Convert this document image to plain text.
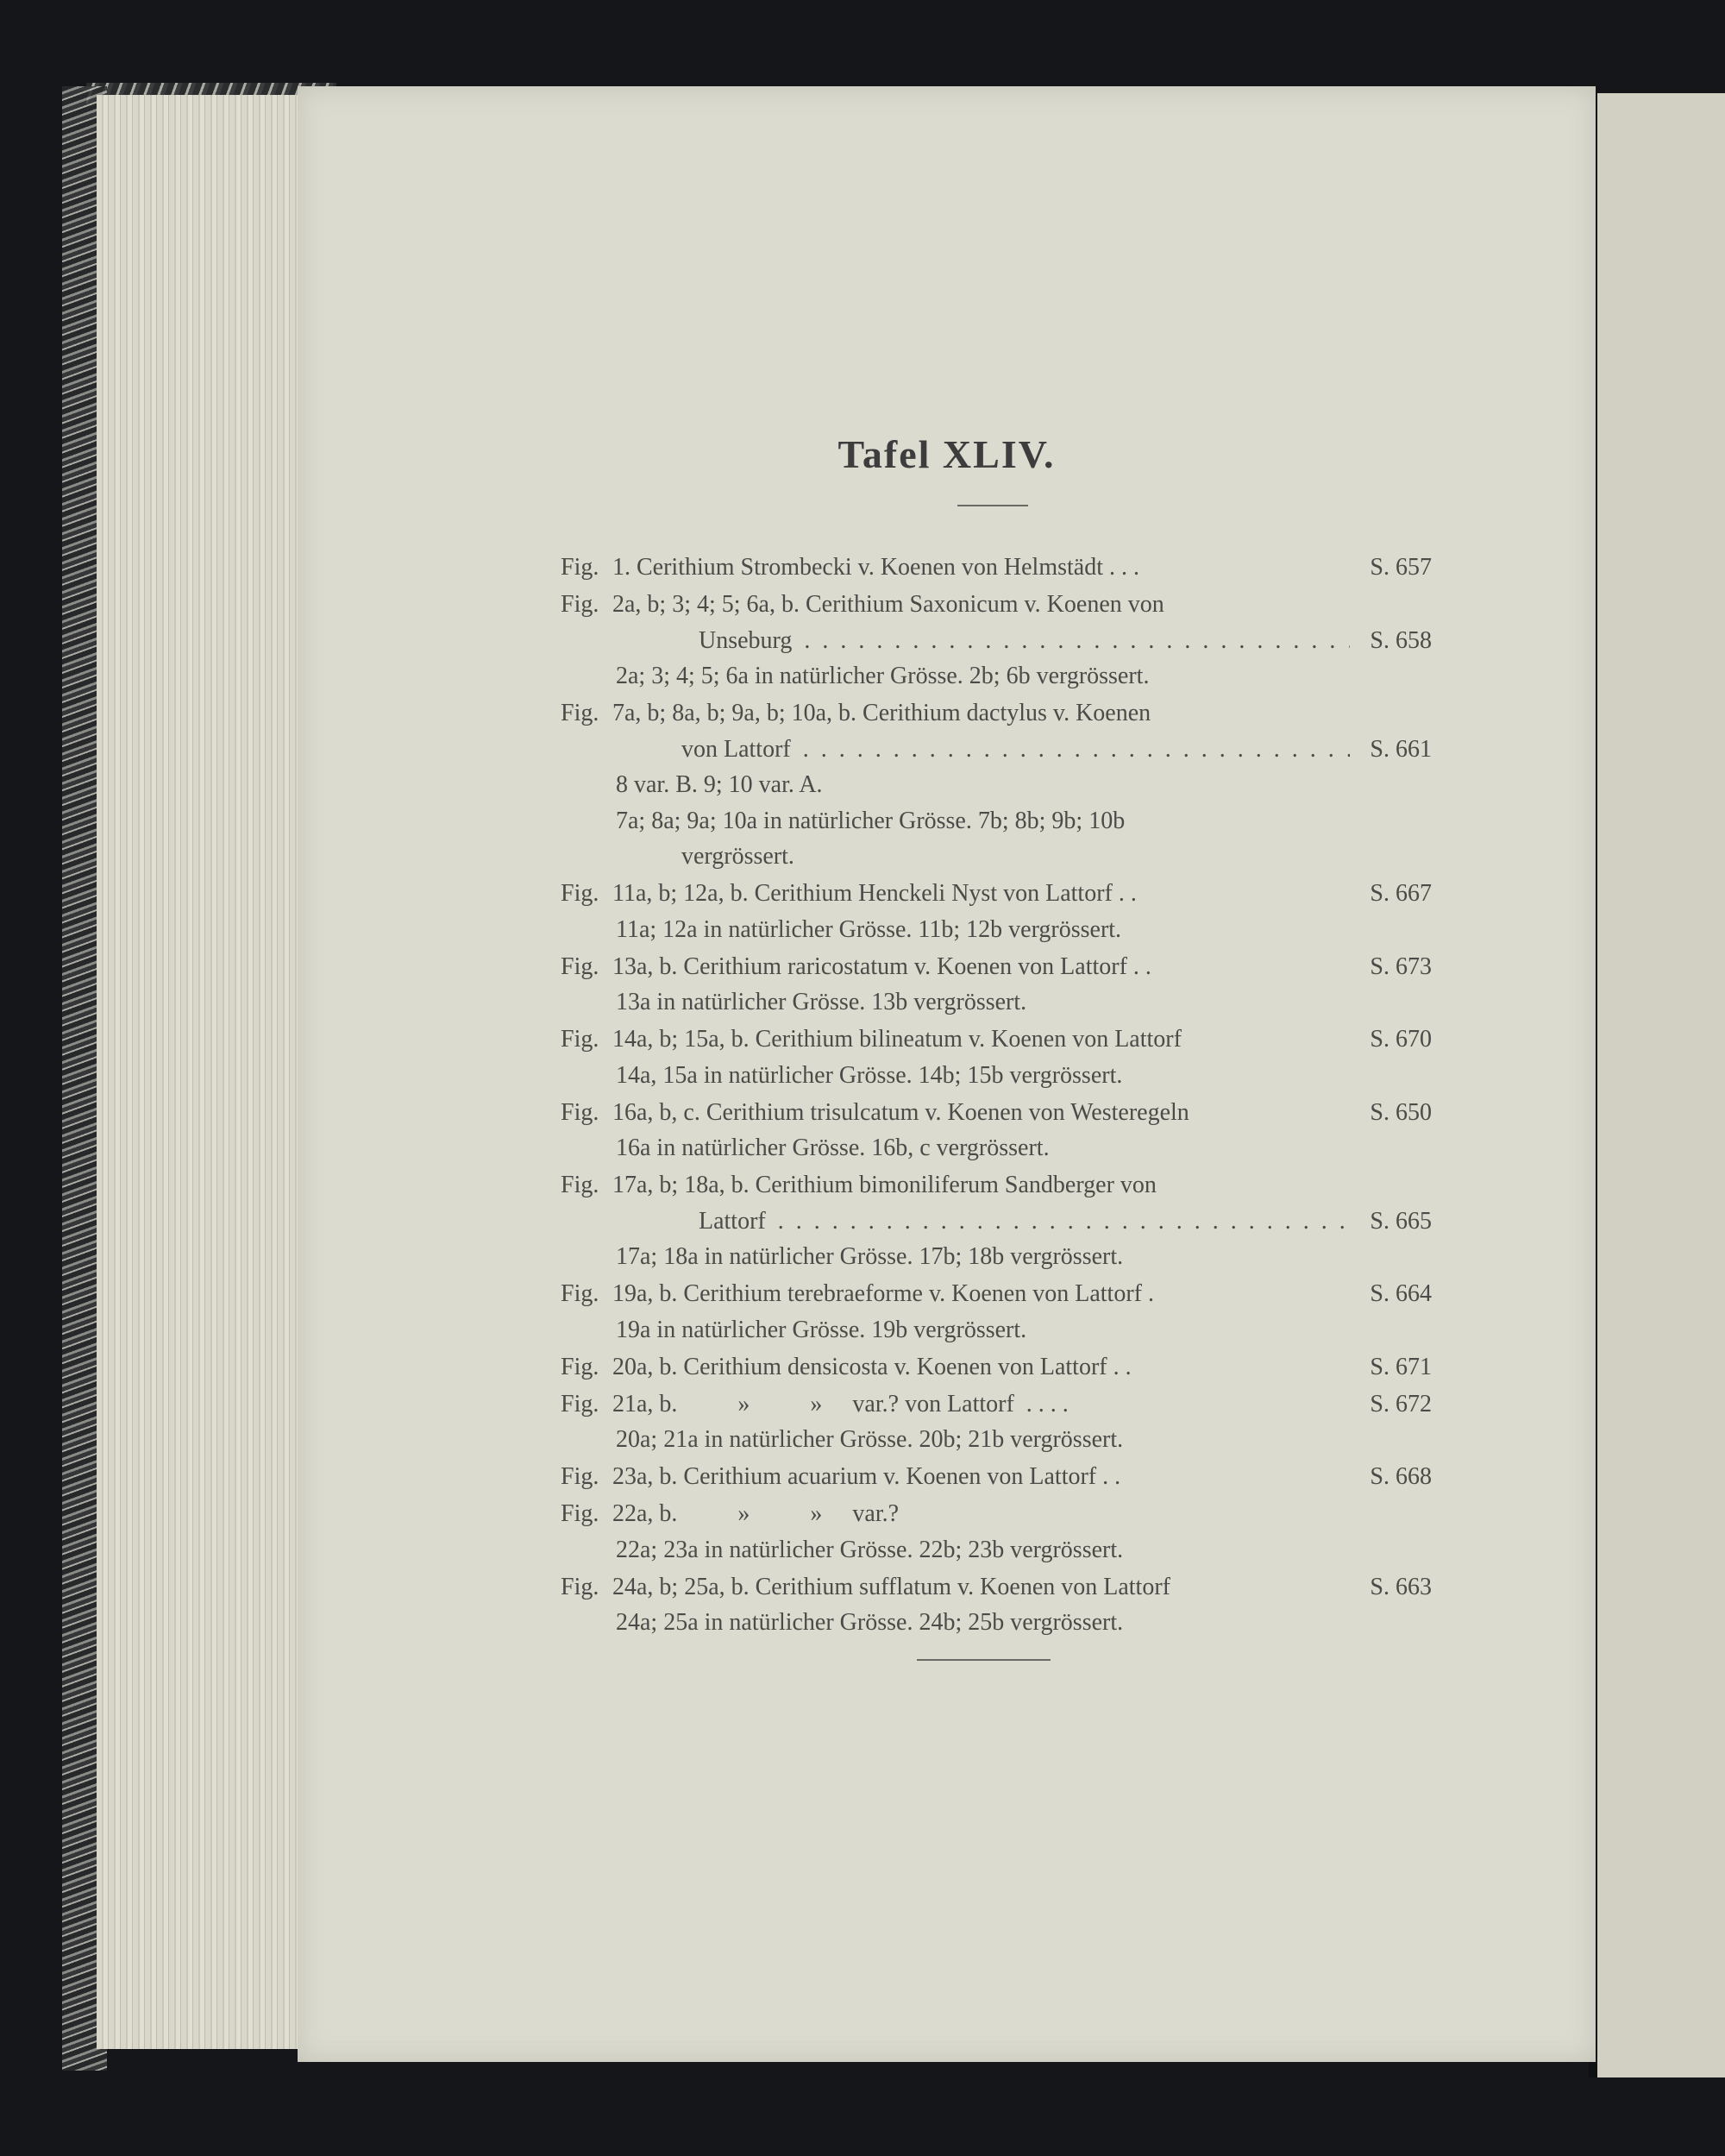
Tafel XLIV.
Fig. 1. Cerithium Strombecki v. Koenen von Helmstädt . . .	S. 657
Fig. 2a, b; 3; 4; 5; 6a, b. Cerithium Saxonicum v. Koenen von
Unseburg . .	S. 658
2a; 3; 4; 5; 6a in natürlicher Grösse. 2b; 6b vergrössert.
Fig. 7a, b; 8a, b; 9a, b; 10a, b. Cerithium dactylus v. Koenen
von Lattorf . .	S. 661
8 var. B. 9; 10 var. A.
7a; 8a; 9a; 10a in natürlicher Grösse. 7b; 8b; 9b; 10b
vergrössert.
Fig. 11a, b; 12a, b. Cerithium Henckeli Nyst von Lattorf . .	S. 667
11a; 12a in natürlicher Grösse. 11b; 12b vergrössert.
Fig. 13a, b. Cerithium raricostatum v. Koenen von Lattorf . .	S. 673
13a in natürlicher Grösse. 13b vergrössert.
Fig. 14a, b; 15a, b. Cerithium bilineatum v. Koenen von Lattorf	S. 670
14a, 15a in natürlicher Grösse. 14b; 15b vergrössert.
Fig. 16a, b, c. Cerithium trisulcatum v. Koenen von Westeregeln	S. 650
16a in natürlicher Grösse. 16b, c vergrössert.
Fig. 17a, b; 18a, b. Cerithium bimoniliferum Sandberger von
Lattorf . .	S. 665
17a; 18a in natürlicher Grösse. 17b; 18b vergrössert.
Fig. 19a, b. Cerithium terebraeforme v. Koenen von Lattorf .	S. 664
19a in natürlicher Grösse. 19b vergrössert.
Fig. 20a, b. Cerithium densicosta v. Koenen von Lattorf . .	S. 671
Fig. 21a, b.          »          »     var.? von Lattorf  . . . .	S. 672
20a; 21a in natürlicher Grösse. 20b; 21b vergrössert.
Fig. 23a, b. Cerithium acuarium v. Koenen von Lattorf . .	S. 668
Fig. 22a, b.          »          »     var.?
22a; 23a in natürlicher Grösse. 22b; 23b vergrössert.
Fig. 24a, b; 25a, b. Cerithium sufflatum v. Koenen von Lattorf	S. 663
24a; 25a in natürlicher Grösse. 24b; 25b vergrössert.
